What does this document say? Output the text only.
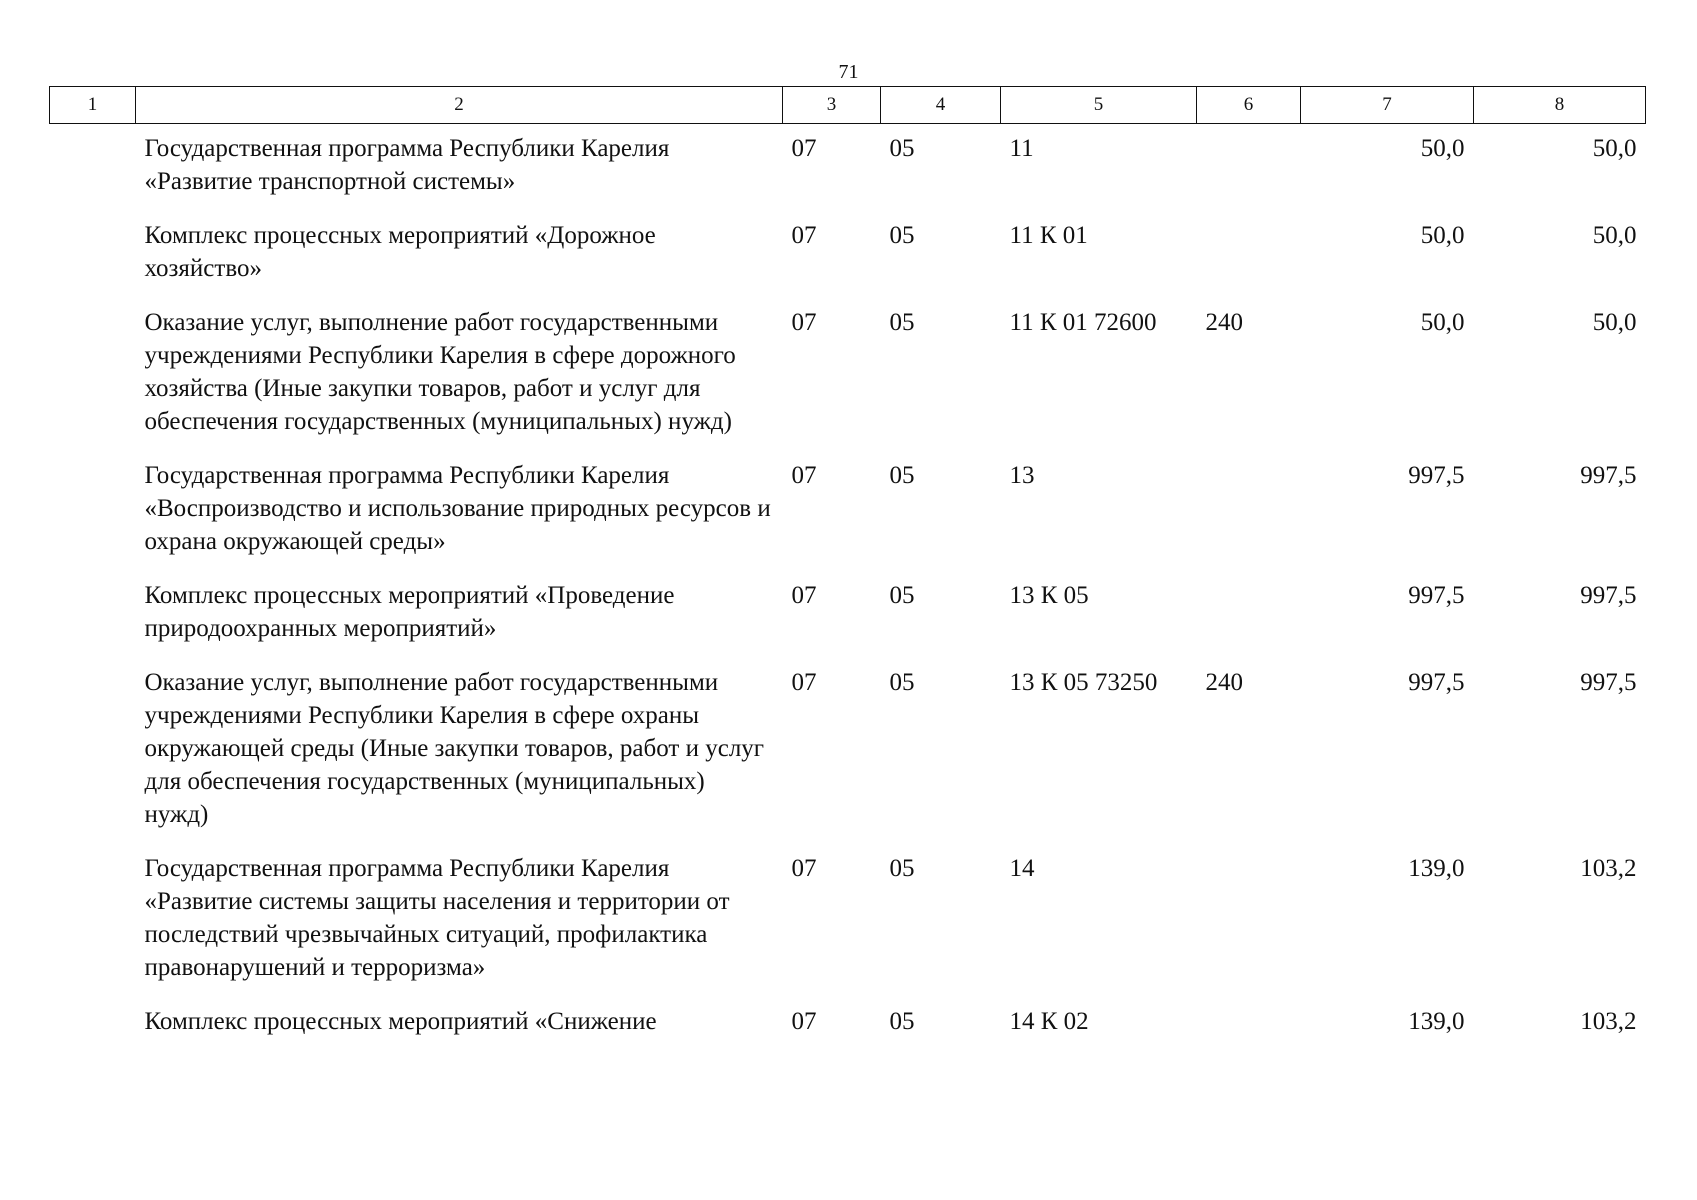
71
1	2	3	4	5	6	7	8
	Государственная программа Республики Карелия «Развитие транспортной системы»	07	05	11		50,0	50,0
	Комплекс процессных мероприятий «Дорожное хозяйство»	07	05	11 К 01		50,0	50,0
	Оказание услуг, выполнение работ государственными учреждениями Республики Карелия в сфере дорожного хозяйства (Иные закупки товаров, работ и услуг для обеспечения государственных (муниципальных) нужд)	07	05	11 К 01 72600	240	50,0	50,0
	Государственная программа Республики Карелия «Воспроизводство и использование природных ресурсов и охрана окружающей среды»	07	05	13		997,5	997,5
	Комплекс процессных мероприятий «Проведение природоохранных мероприятий»	07	05	13 К 05		997,5	997,5
	Оказание услуг, выполнение работ государственными учреждениями Республики Карелия в сфере охраны окружающей среды (Иные закупки товаров, работ и услуг для обеспечения государственных (муниципальных) нужд)	07	05	13 К 05 73250	240	997,5	997,5
	Государственная программа Республики Карелия «Развитие системы защиты населения и территории от последствий чрезвычайных ситуаций, профилактика правонарушений и терроризма»	07	05	14		139,0	103,2
	Комплекс процессных мероприятий «Снижение	07	05	14 К 02		139,0	103,2
